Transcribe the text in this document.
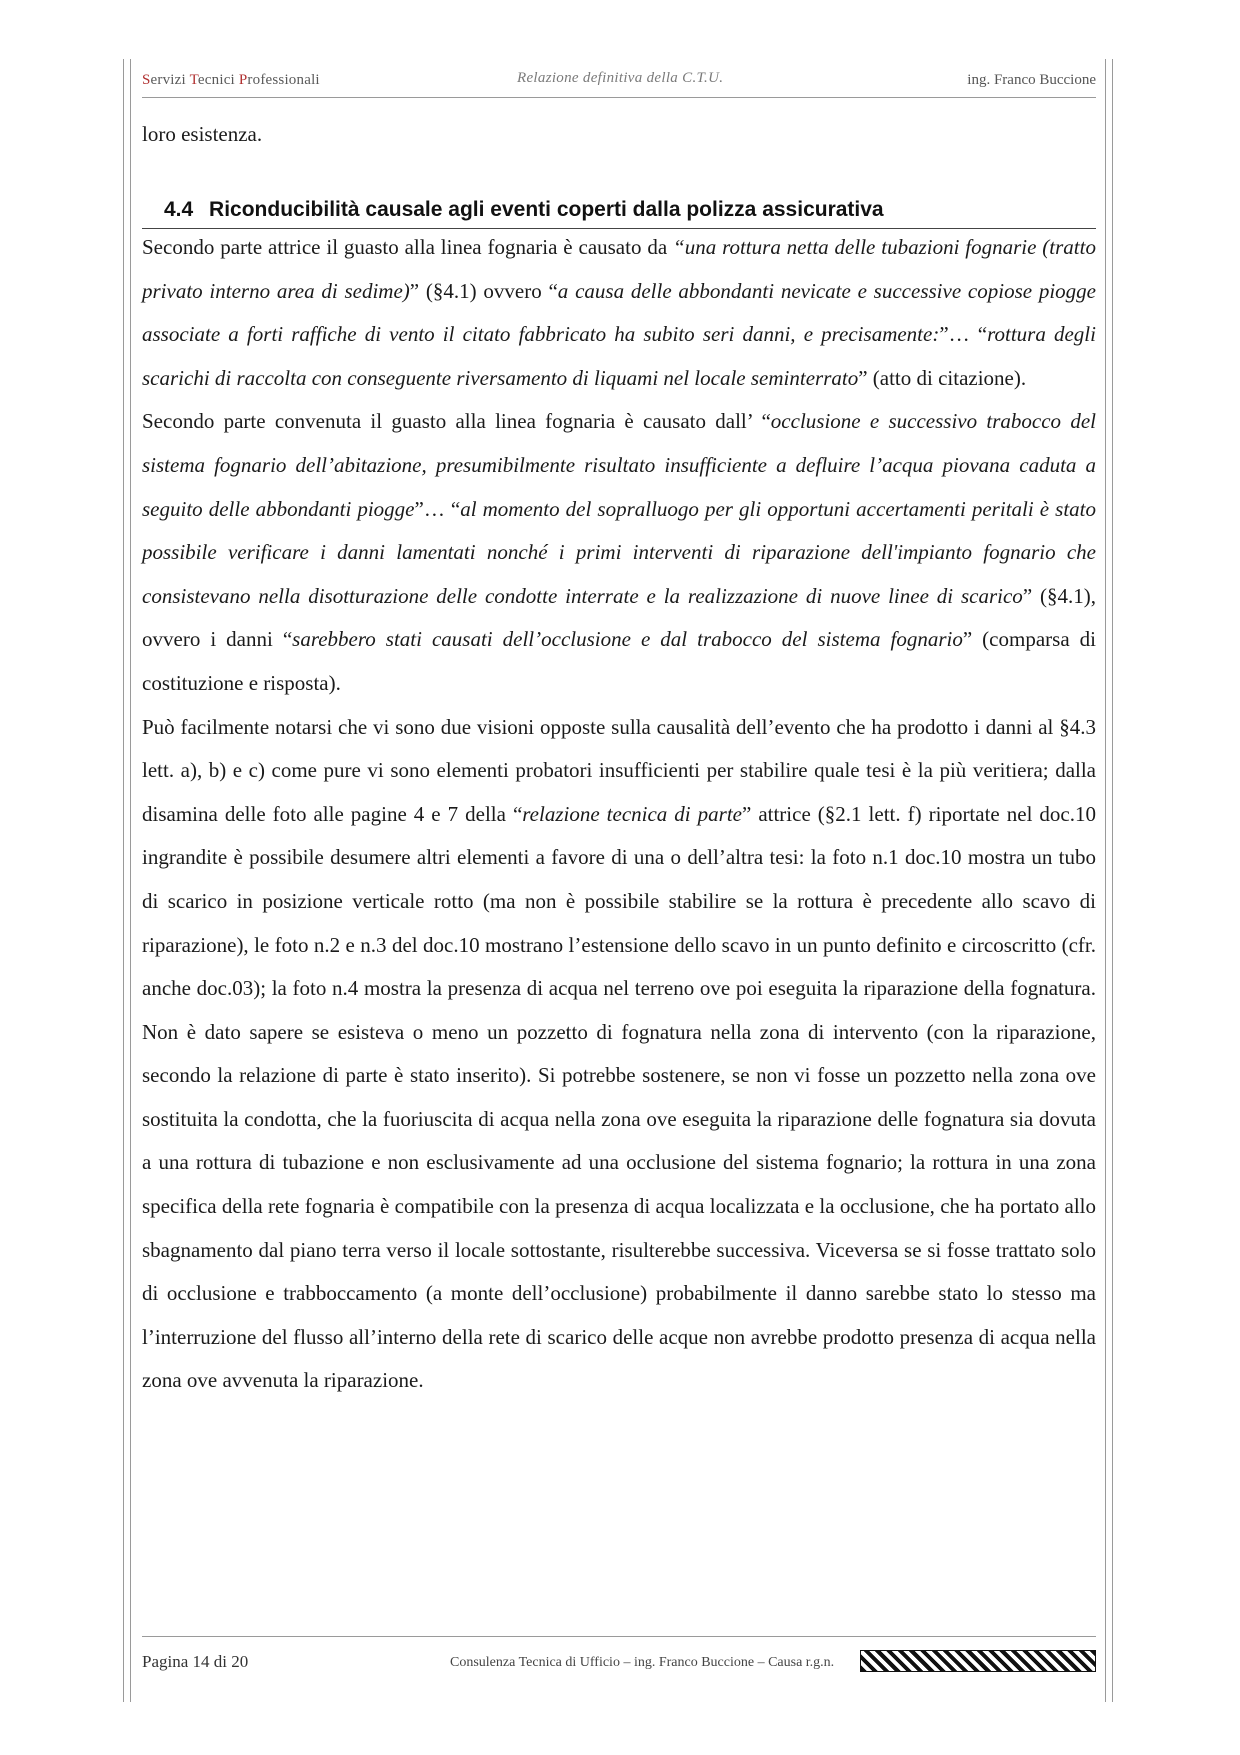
Servizi Tecnici Professionali	Relazione definitiva della C.T.U.	ing. Franco Buccione
loro esistenza.
4.4 Riconducibilità causale agli eventi coperti dalla polizza assicurativa

Secondo parte attrice il guasto alla linea fognaria è causato da “una rottura netta delle tubazioni fognarie (tratto privato interno area di sedime)” (§4.1) ovvero “a causa delle abbondanti nevicate e successive copiose piogge associate a forti raffiche di vento il citato fabbricato ha subito seri danni, e precisamente:”… “rottura degli scarichi di raccolta con conseguente riversamento di liquami nel locale seminterrato” (atto di citazione).

Secondo parte convenuta il guasto alla linea fognaria è causato dall’ “occlusione e successivo trabocco del sistema fognario dell’abitazione, presumibilmente risultato insufficiente a defluire l’acqua piovana caduta a seguito delle abbondanti piogge”… “al momento del sopralluogo per gli opportuni accertamenti peritali è stato possibile verificare i danni lamentati nonché i primi interventi di riparazione dell'impianto fognario che consistevano nella disotturazione delle condotte interrate e la realizzazione di nuove linee di scarico” (§4.1), ovvero i danni “sarebbero stati causati dell’occlusione e dal trabocco del sistema fognario” (comparsa di costituzione e risposta).

Può facilmente notarsi che vi sono due visioni opposte sulla causalità dell’evento che ha prodotto i danni al §4.3 lett. a), b) e c) come pure vi sono elementi probatori insufficienti per stabilire quale tesi è la più veritiera; dalla disamina delle foto alle pagine 4 e 7 della “relazione tecnica di parte” attrice (§2.1 lett. f) riportate nel doc.10 ingrandite è possibile desumere altri elementi a favore di una o dell’altra tesi: la foto n.1 doc.10 mostra un tubo di scarico in posizione verticale rotto (ma non è possibile stabilire se la rottura è precedente allo scavo di riparazione), le foto n.2 e n.3 del doc.10 mostrano l’estensione dello scavo in un punto definito e circoscritto (cfr. anche doc.03); la foto n.4 mostra la presenza di acqua nel terreno ove poi eseguita la riparazione della fognatura. Non è dato sapere se esisteva o meno un pozzetto di fognatura nella zona di intervento (con la riparazione, secondo la relazione di parte è stato inserito). Si potrebbe sostenere, se non vi fosse un pozzetto nella zona ove sostituita la condotta, che la fuoriuscita di acqua nella zona ove eseguita la riparazione delle fognatura sia dovuta a una rottura di tubazione e non esclusivamente ad una occlusione del sistema fognario; la rottura in una zona specifica della rete fognaria è compatibile con la presenza di acqua localizzata e la occlusione, che ha portato allo sbagnamento dal piano terra verso il locale sottostante, risulterebbe successiva. Viceversa se si fosse trattato solo di occlusione e trabboccamento (a monte dell’occlusione) probabilmente il danno sarebbe stato lo stesso ma l’interruzione del flusso all’interno della rete di scarico delle acque non avrebbe prodotto presenza di acqua nella zona ove avvenuta la riparazione.

Pagina 14 di 20	Consulenza Tecnica di Ufficio – ing. Franco Buccione – Causa r.g.n.
